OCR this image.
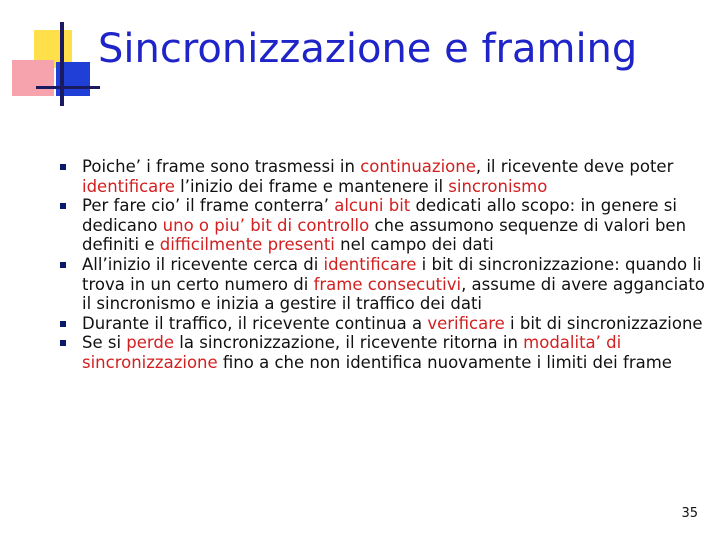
Sincronizzazione e framing
Poiche’ i frame sono trasmessi in continuazione, il ricevente deve poter identificare l’inizio dei frame e mantenere il sincronismo
Per fare cio’ il frame conterra’ alcuni bit dedicati allo scopo: in genere si dedicano uno o piu’ bit di controllo che assumono sequenze di valori ben definiti e difficilmente presenti nel campo dei dati
All’inizio il ricevente cerca di identificare i bit di sincronizzazione: quando li trova in un certo numero di frame consecutivi, assume di avere agganciato il sincronismo e inizia a gestire il traffico dei dati
Durante il traffico, il ricevente continua a verificare i bit di sincronizzazione
Se si perde la sincronizzazione, il ricevente ritorna in modalita’ di sincronizzazione fino a che non identifica nuovamente i limiti dei frame
35
